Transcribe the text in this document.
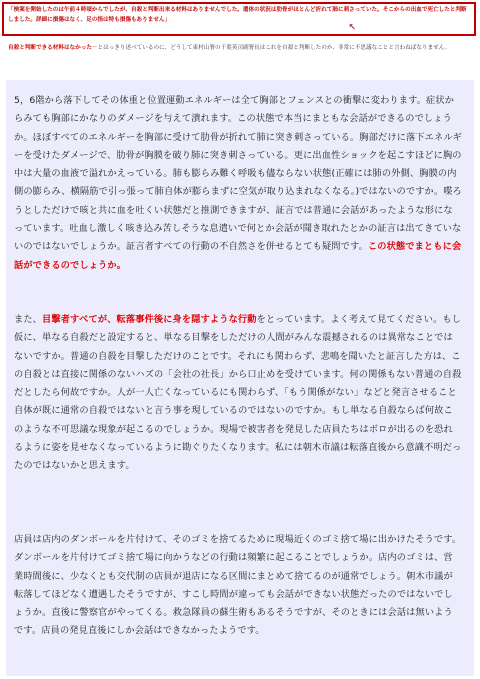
「検案を開始したのは午前４時頃からでしたが、自殺と判断出来る材料はありませんでした。遺体の状況は肋骨がほとんど折れて肺に刺さっていた。そこからの出血で死亡したと判断しました。詳細に損傷はなく、足の指は特も損傷もありません」
↖
自殺と判断できる材料はなかった－とはっきり述べているのに、どうして東村山署の千葉英司副署長はこれを自殺と判断したのか、非常に不思議なことと言わねばなりません。
5，6階から落下してその体重と位置運動エネルギーは全て胸部とフェンスとの衝撃に変わります。症状からみても胸部にかなりのダメージを与えて潰れます。この状態で本当にまともな会話ができるのでしょうか。ほぼすべてのエネルギーを胸部に受けて肋骨が折れて肺に突き刺さっている。胸部だけに落下エネルギーを受けたダメージで、肋骨が胸膜を破り肺に突き刺さっている。更に出血性ショックを起こすほどに胸の中は大量の血液で溢れかえっている。肺も膨らみ難く呼吸も儘ならない状態(正確には肺の外側、胸膜の内側の膨らみ、横隔筋で引っ張って肺自体が膨らまずに空気が取り込まれなくなる。)ではないのですか。喋ろうとしただけで咳と共に血を吐くい状態だと推測できますが、証言では普通に会話があったような形になっています。吐血し激しく咳き込み苦しそうな息遣いで何とか会話が聞き取れたとかの証言は出てきていないのではないでしょうか。証言者すべての行動の不自然さを併せるとても疑問です。この状態でまともに会話ができるのでしょうか。
また、目撃者すべてが、転落事件後に身を隠すような行動をとっています。よく考えて見てください。もし仮に、単なる自殺だと設定すると、単なる目撃をしただけの人間がみんな震撼されるのは異常なことではないですか。普通の自殺を目撃しただけのことです。それにも関わらず、悲鳴を聞いたと証言した方は、この自殺とは直接に関係のないハズの「会社の社長」から口止めを受けています。何の関係もない普通の自殺だとしたら何故ですか。人が一人亡くなっているにも関わらず、「もう関係がない」などと発言させること自体が既に通常の自殺ではないと言う事を現しているのではないのですか。もし単なる自殺ならば何故このような不可思議な現象が起こるのでしょうか。現場で被害者を発見した店員たちはボロが出るのを恐れるように姿を見せなくなっているように勘ぐりたくなります。私には朝木市議は転落直後から意識不明だったのではないかと思えます。
店員は店内のダンボールを片付けて、そのゴミを捨てるために現場近くのゴミ捨て場に出かけたそうです。ダンボールを片付けてゴミ捨て場に向かうなどの行動は頻繁に起こることでしょうか。店内のゴミは、営業時間後に、少なくとも交代制の店員が退店になる区間にまとめて捨てるのが通常でしょう。朝木市議が転落してほどなく遭遇したそうですが、すこし時間が違っても会話ができない状態だったのではないでしょうか。直後に警察官がやってくる。救急隊員の蘇生術もあるそうですが、そのときには会話は無いようです。店員の発見直後にしか会話はできなかったようです。
